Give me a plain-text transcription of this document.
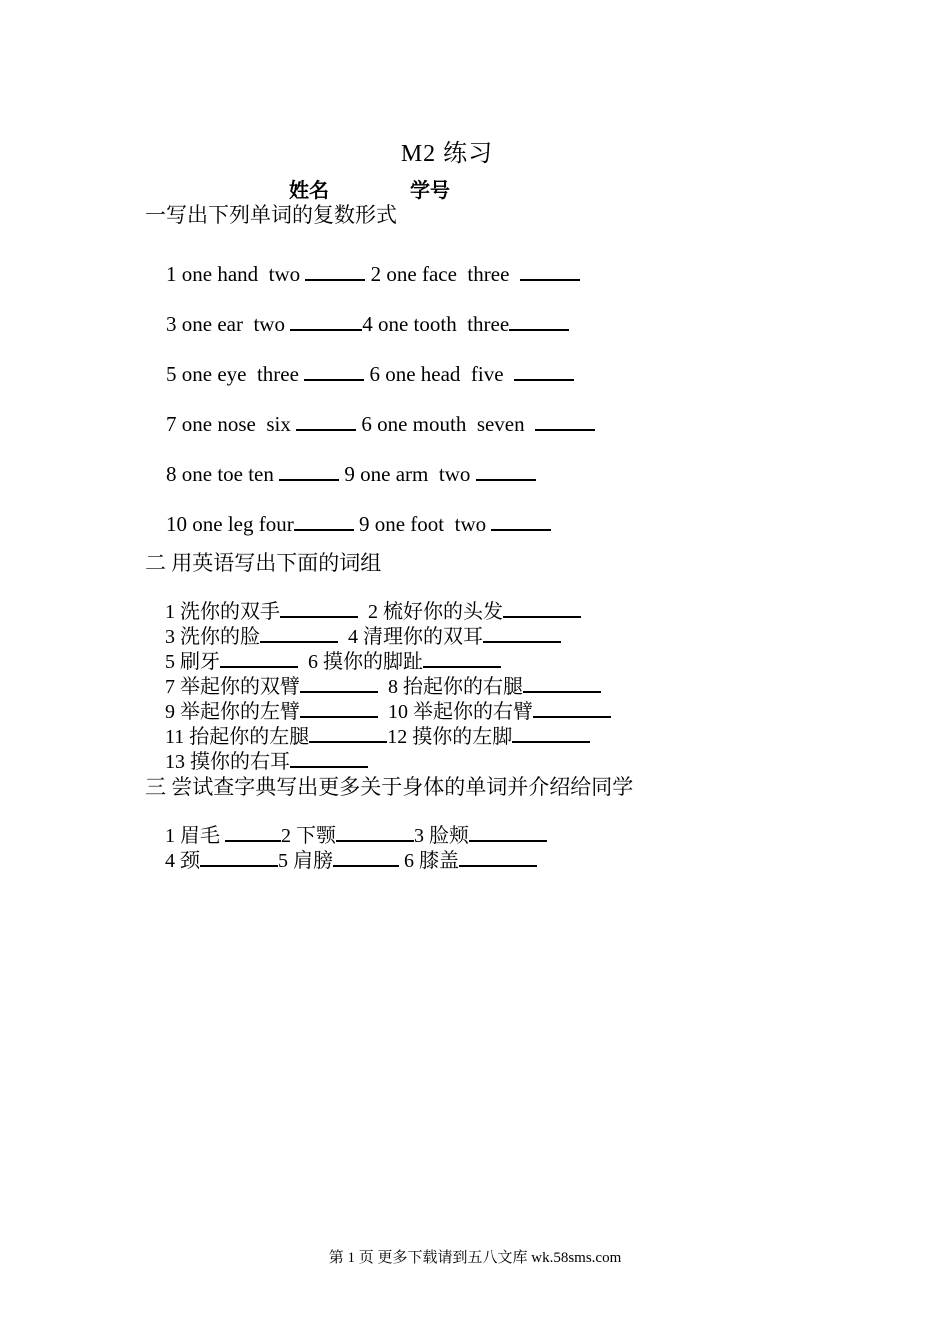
M2 练习
姓名	学号
一写出下列单词的复数形式

1 one hand  two	2 one face  three

3 one ear  two	4 one tooth  three

5 one eye  three	6 one head  five

7 one nose  six	6 one mouth  seven

8 one toe ten	9 one arm  two

10 one leg four	9 one foot  two

二 用英语写出下面的词组

1 洗你的双手	2 梳好你的头发

3 洗你的脸	4 清理你的双耳

5 刷牙	6 摸你的脚趾

7 举起你的双臂	8 抬起你的右腿

9 举起你的左臂	10 举起你的右臂

11 抬起你的左腿	12 摸你的左脚

13 摸你的右耳

三 尝试查字典写出更多关于身体的单词并介绍给同学

1 眉毛	2 下颚	3 脸颊

4 颈	5 肩膀	6 膝盖

第 1 页 更多下载请到五八文库 wk.58sms.com
